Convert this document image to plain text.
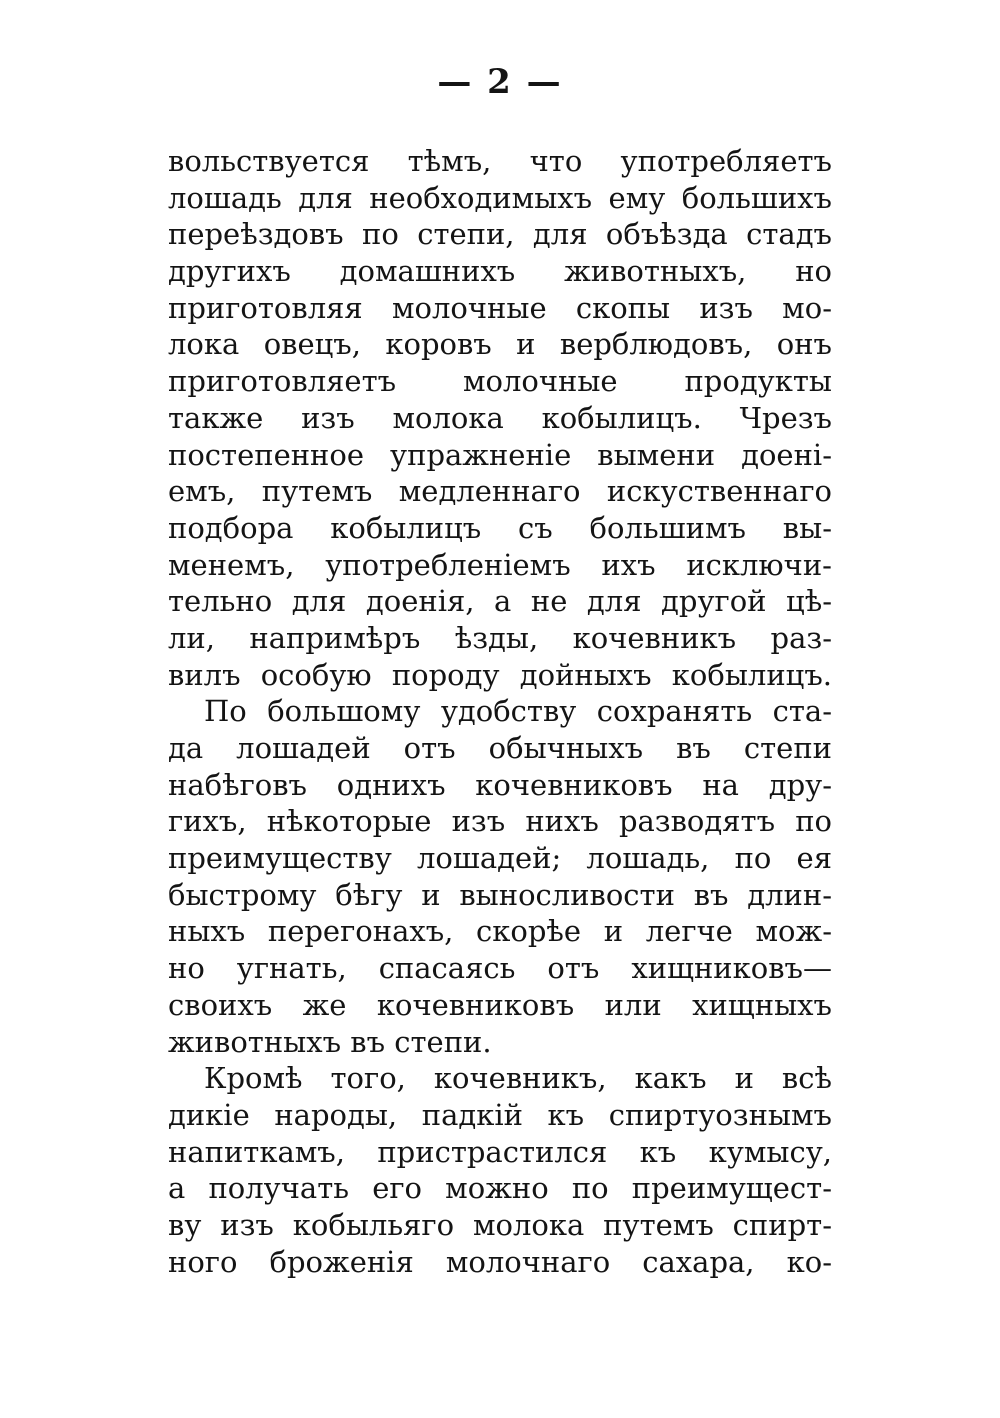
— 2 —
вольствуется тѣмъ, что употребляетъ
лошадь для необходимыхъ ему большихъ
переѣздовъ по степи, для объѣзда стадъ
другихъ домашнихъ животныхъ, но
приготовляя молочные скопы изъ мо-
лока овецъ, коровъ и верблюдовъ, онъ
приготовляетъ молочные продукты
также изъ молока кобылицъ. Чрезъ
постепенное упражненіе вымени доені-
емъ, путемъ медленнаго искуственнаго
подбора кобылицъ съ большимъ вы-
менемъ, употребленіемъ ихъ исключи-
тельно для доенія, а не для другой цѣ-
ли, напримѣръ ѣзды, кочевникъ раз-
вилъ особую породу дойныхъ кобылицъ.
По большому удобству сохранять ста-
да лошадей отъ обычныхъ въ степи
набѣговъ однихъ кочевниковъ на дру-
гихъ, нѣкоторые изъ нихъ разводятъ по
преимуществу лошадей; лошадь, по ея
быстрому бѣгу и выносливости въ длин-
ныхъ перегонахъ, скорѣе и легче мож-
но угнать, спасаясь отъ хищниковъ—
своихъ же кочевниковъ или хищныхъ
животныхъ въ степи.
Кромѣ того, кочевникъ, какъ и всѣ
дикіе народы, падкій къ спиртуознымъ
напиткамъ, пристрастился къ кумысу,
а получать его можно по преимущест-
ву изъ кобыльяго молока путемъ спирт-
ного броженія молочнаго сахара, ко-
